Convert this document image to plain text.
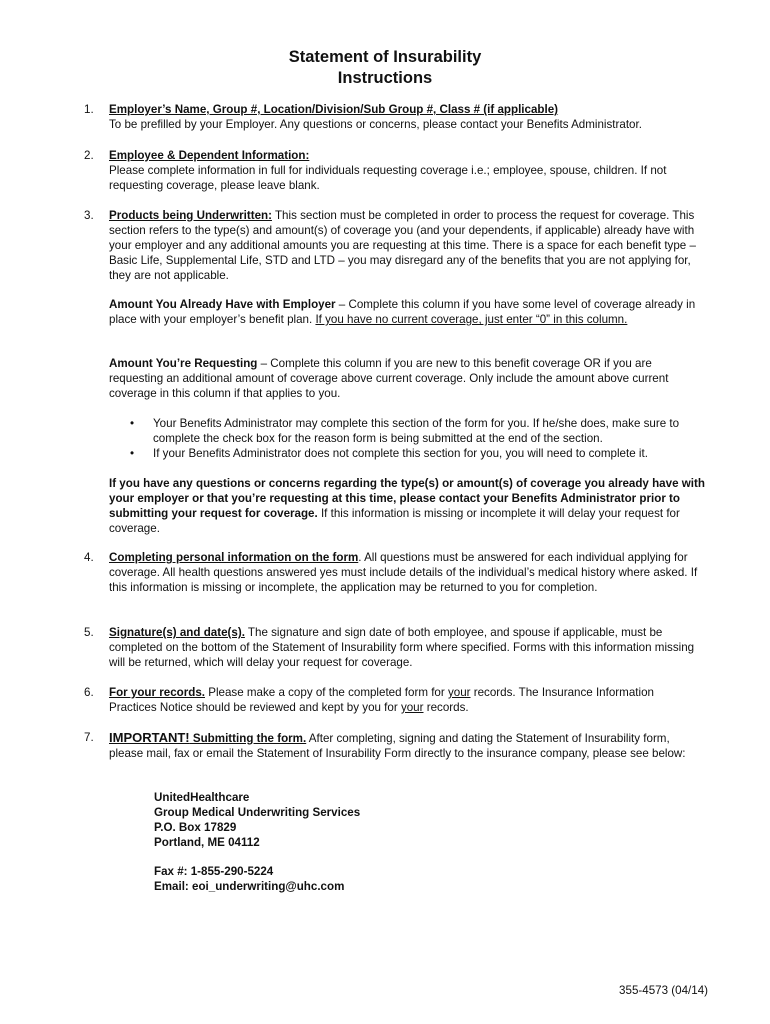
Statement of Insurability
Instructions
1.	Employer’s Name, Group #, Location/Division/Sub Group #, Class # (if applicable)
To be prefilled by your Employer. Any questions or concerns, please contact your Benefits Administrator.
2.	Employee & Dependent Information:
Please complete information in full for individuals requesting coverage i.e.; employee, spouse, children. If not requesting coverage, please leave blank.
3.	Products being Underwritten: This section must be completed in order to process the request for coverage. This section refers to the type(s) and amount(s) of coverage you (and your dependents, if applicable) already have with your employer and any additional amounts you are requesting at this time. There is a space for each benefit type – Basic Life, Supplemental Life, STD and LTD – you may disregard any of the benefits that you are not applying for, they are not applicable.
Amount You Already Have with Employer – Complete this column if you have some level of coverage already in place with your employer’s benefit plan. If you have no current coverage, just enter “0” in this column.
Amount You’re Requesting – Complete this column if you are new to this benefit coverage OR if you are requesting an additional amount of coverage above current coverage. Only include the amount above current coverage in this column if that applies to you.
• Your Benefits Administrator may complete this section of the form for you. If he/she does, make sure to complete the check box for the reason form is being submitted at the end of the section.
• If your Benefits Administrator does not complete this section for you, you will need to complete it.
If you have any questions or concerns regarding the type(s) or amount(s) of coverage you already have with your employer or that you’re requesting at this time, please contact your Benefits Administrator prior to submitting your request for coverage. If this information is missing or incomplete it will delay your request for coverage.
4.	Completing personal information on the form. All questions must be answered for each individual applying for coverage. All health questions answered yes must include details of the individual’s medical history where asked. If this information is missing or incomplete, the application may be returned to you for completion.
5.	Signature(s) and date(s). The signature and sign date of both employee, and spouse if applicable, must be completed on the bottom of the Statement of Insurability form where specified. Forms with this information missing will be returned, which will delay your request for coverage.
6.	For your records. Please make a copy of the completed form for your records. The Insurance Information Practices Notice should be reviewed and kept by you for your records.
7.	IMPORTANT! Submitting the form. After completing, signing and dating the Statement of Insurability form, please mail, fax or email the Statement of Insurability Form directly to the insurance company, please see below:
UnitedHealthcare
Group Medical Underwriting Services
P.O. Box 17829
Portland, ME 04112
Fax #: 1-855-290-5224
Email: eoi_underwriting@uhc.com
355-4573 (04/14)
